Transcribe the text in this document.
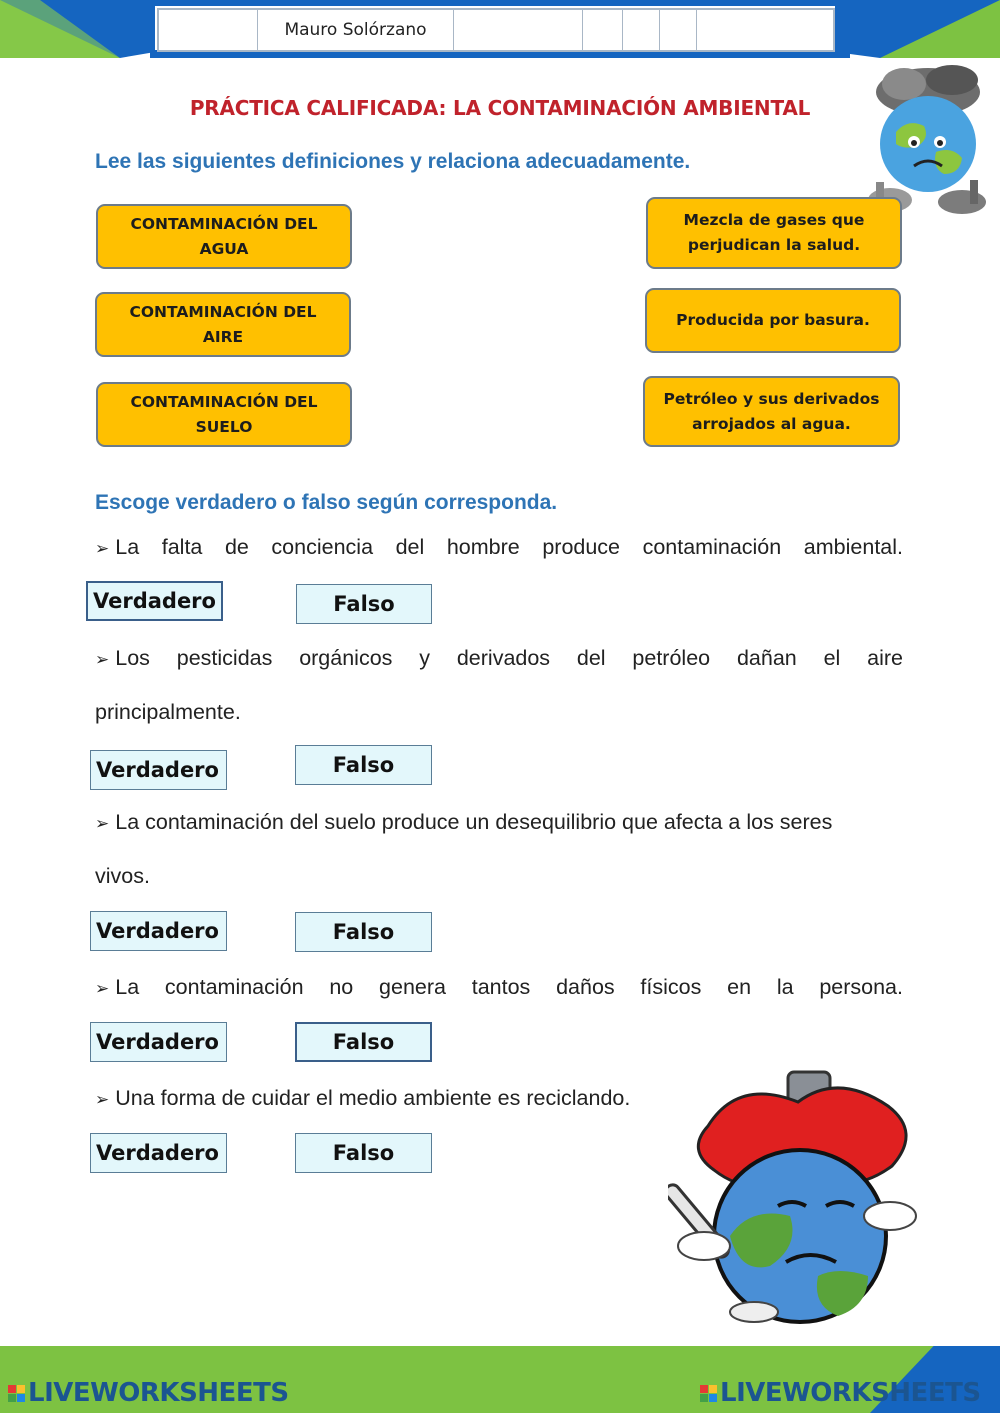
Mauro Solórzano
PRÁCTICA CALIFICADA: LA CONTAMINACIÓN AMBIENTAL
Lee las siguientes definiciones y relaciona adecuadamente.
CONTAMINACIÓN DEL
AGUA
CONTAMINACIÓN DEL
AIRE
CONTAMINACIÓN DEL
SUELO
Mezcla de gases que
perjudican la salud.
Producida por basura.
Petróleo y sus derivados
arrojados al agua.
Escoge verdadero o falso según corresponda.
➢ La falta de conciencia del hombre produce contaminación ambiental.
Verdadero	Falso
➢ Los pesticidas orgánicos y derivados del petróleo dañan el aire
principalmente.
Verdadero	Falso
➢ La contaminación del suelo produce un desequilibrio que afecta a los seres
vivos.
Verdadero	Falso
➢ La contaminación no genera tantos daños físicos en la persona.
Verdadero	Falso
➢ Una forma de cuidar el medio ambiente es reciclando.
Verdadero	Falso
LIVEWORKSHEETS	LIVEWORKSHEETS
